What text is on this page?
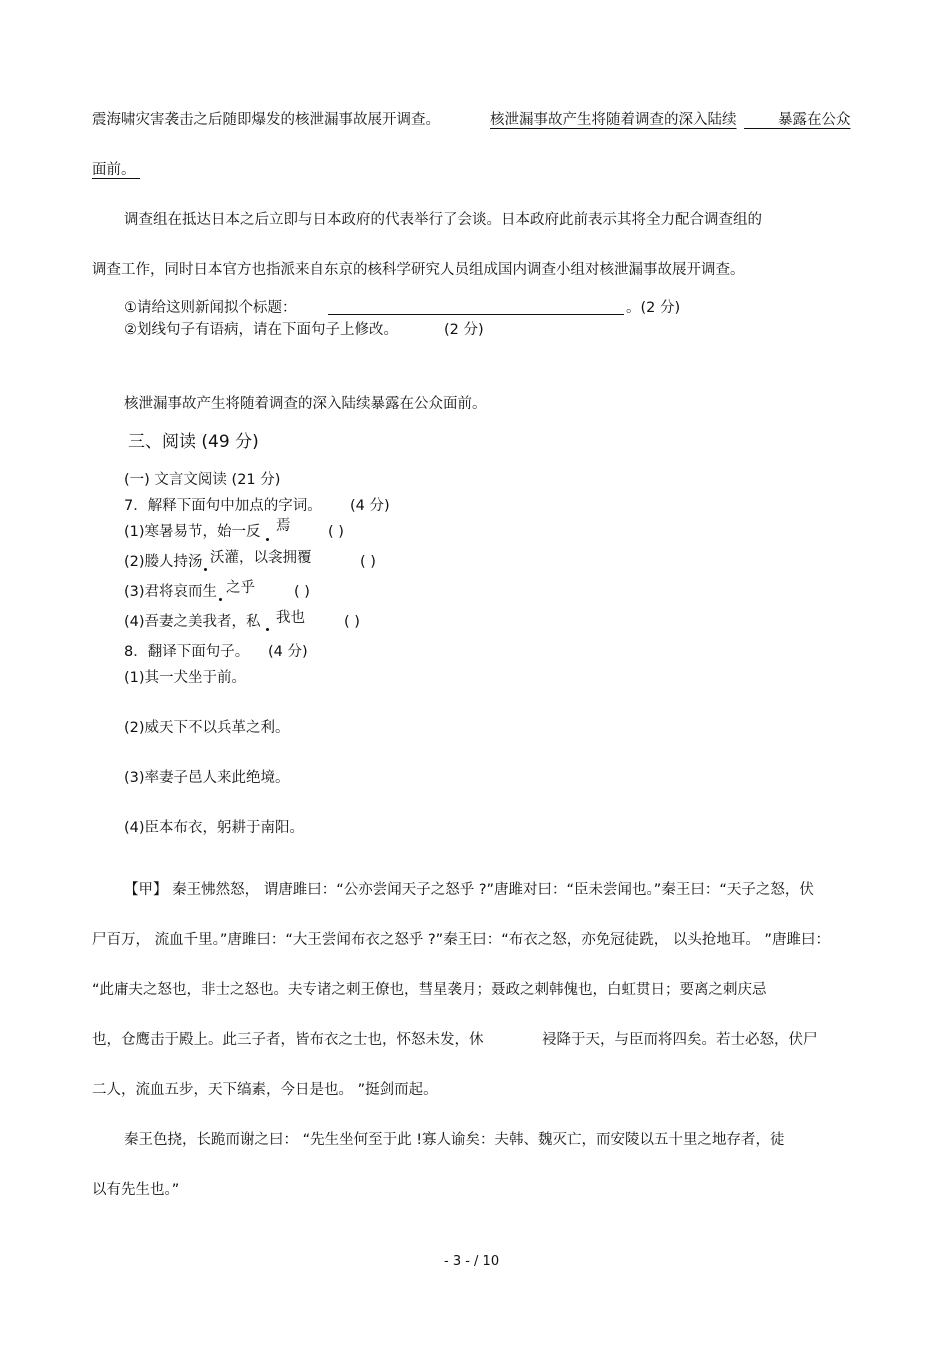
震海啸灾害袭击之后随即爆发的核泄漏事故展开调查。	核泄漏事故产生将随着调查的深入陆续	暴露在公众
面前。
调查组在抵达日本之后立即与日本政府的代表举行了会谈。日本政府此前表示其将全力配合调查组的
调查工作，同时日本官方也指派来自东京的核科学研究人员组成国内调查小组对核泄漏事故展开调查。
①请给这则新闻拟个标题：	。(2 分)
②划线句子有语病，请在下面句子上修改。	(2 分)
核泄漏事故产生将随着调查的深入陆续暴露在公众面前。
三、阅读 (49 分)
(一) 文言文阅读 (21 分)
7．解释下面句中加点的字词。 (4 分)
(1)寒暑易节，始一反 焉	( )
(2)媵人持汤 沃灌，以衾拥覆	( )
(3)君将哀而生 之乎	( )
(4)吾妻之美我者，私 我也	( )
8．翻译下面句子。 (4 分)
(1)其一犬坐于前。
(2)威天下不以兵革之利。
(3)率妻子邑人来此绝境。
(4)臣本布衣，躬耕于南阳。
【甲】 秦王怫然怒， 谓唐雎曰：“公亦尝闻天子之怒乎 ?”唐雎对曰：“臣未尝闻也。”秦王曰：“天子之怒，伏
尸百万， 流血千里。”唐雎曰：“大王尝闻布衣之怒乎 ?”秦王曰：“布衣之怒，亦免冠徒跣， 以头抢地耳。 ”唐雎曰：
“此庸夫之怒也，非士之怒也。夫专诸之刺王僚也，彗星袭月；聂政之刺韩傀也，白虹贯日；要离之刺庆忌
也，仓鹰击于殿上。此三子者，皆布衣之士也，怀怒未发，休	祲降于天，与臣而将四矣。若士必怒，伏尸
二人，流血五步，天下缟素，今日是也。 ”挺剑而起。
秦王色挠，长跪而谢之曰： “先生坐何至于此 !寡人谕矣：夫韩、魏灭亡，而安陵以五十里之地存者，徒
以有先生也。”
- 3 - / 10
